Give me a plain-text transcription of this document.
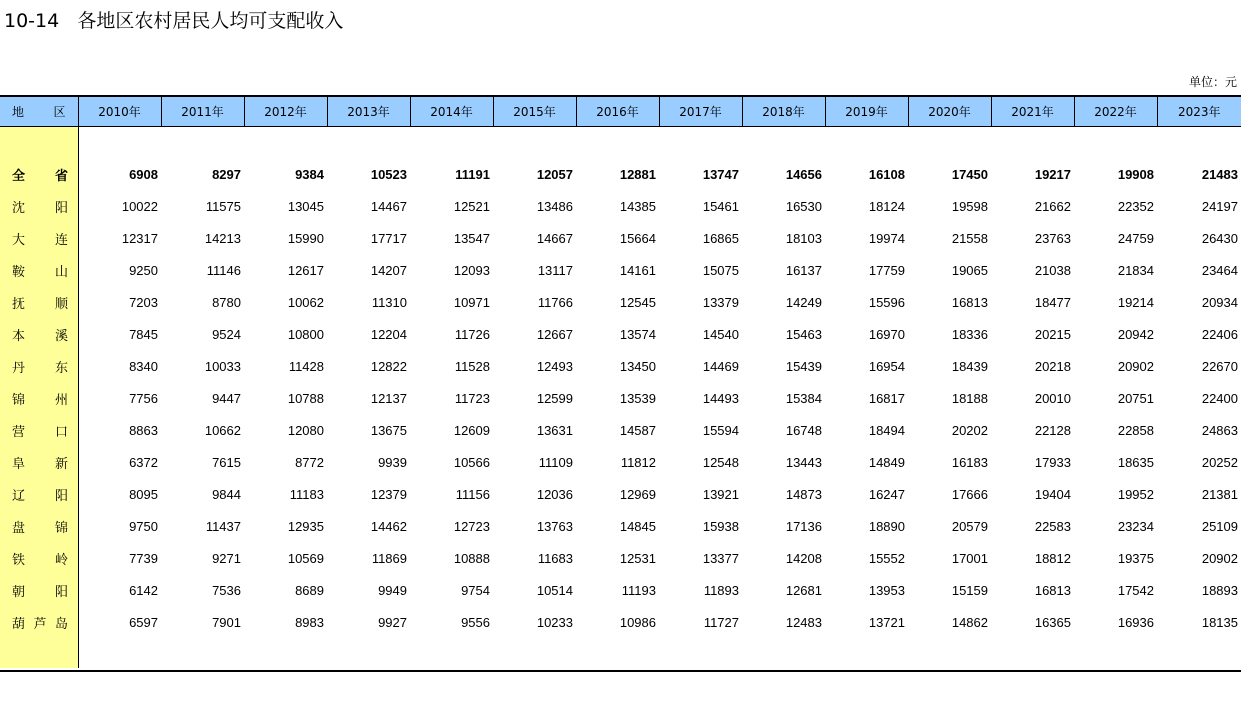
10-14   各地区农村居民人均可支配收入
单位：元
地 区	2010年	2011年	2012年	2013年	2014年	2015年	2016年	2017年	2018年	2019年	2020年	2021年	2022年	2023年

全 省	6908	8297	9384	10523	11191	12057	12881	13747	14656	16108	17450	19217	19908	21483

沈 阳	10022	11575	13045	14467	12521	13486	14385	15461	16530	18124	19598	21662	22352	24197

大 连	12317	14213	15990	17717	13547	14667	15664	16865	18103	19974	21558	23763	24759	26430

鞍 山	9250	11146	12617	14207	12093	13117	14161	15075	16137	17759	19065	21038	21834	23464

抚 顺	7203	8780	10062	11310	10971	11766	12545	13379	14249	15596	16813	18477	19214	20934

本 溪	7845	9524	10800	12204	11726	12667	13574	14540	15463	16970	18336	20215	20942	22406

丹 东	8340	10033	11428	12822	11528	12493	13450	14469	15439	16954	18439	20218	20902	22670

锦 州	7756	9447	10788	12137	11723	12599	13539	14493	15384	16817	18188	20010	20751	22400

营 口	8863	10662	12080	13675	12609	13631	14587	15594	16748	18494	20202	22128	22858	24863

阜 新	6372	7615	8772	9939	10566	11109	11812	12548	13443	14849	16183	17933	18635	20252

辽 阳	8095	9844	11183	12379	11156	12036	12969	13921	14873	16247	17666	19404	19952	21381

盘 锦	9750	11437	12935	14462	12723	13763	14845	15938	17136	18890	20579	22583	23234	25109

铁 岭	7739	9271	10569	11869	10888	11683	12531	13377	14208	15552	17001	18812	19375	20902

朝 阳	6142	7536	8689	9949	9754	10514	11193	11893	12681	13953	15159	16813	17542	18893

葫 芦 岛	6597	7901	8983	9927	9556	10233	10986	11727	12483	13721	14862	16365	16936	18135
